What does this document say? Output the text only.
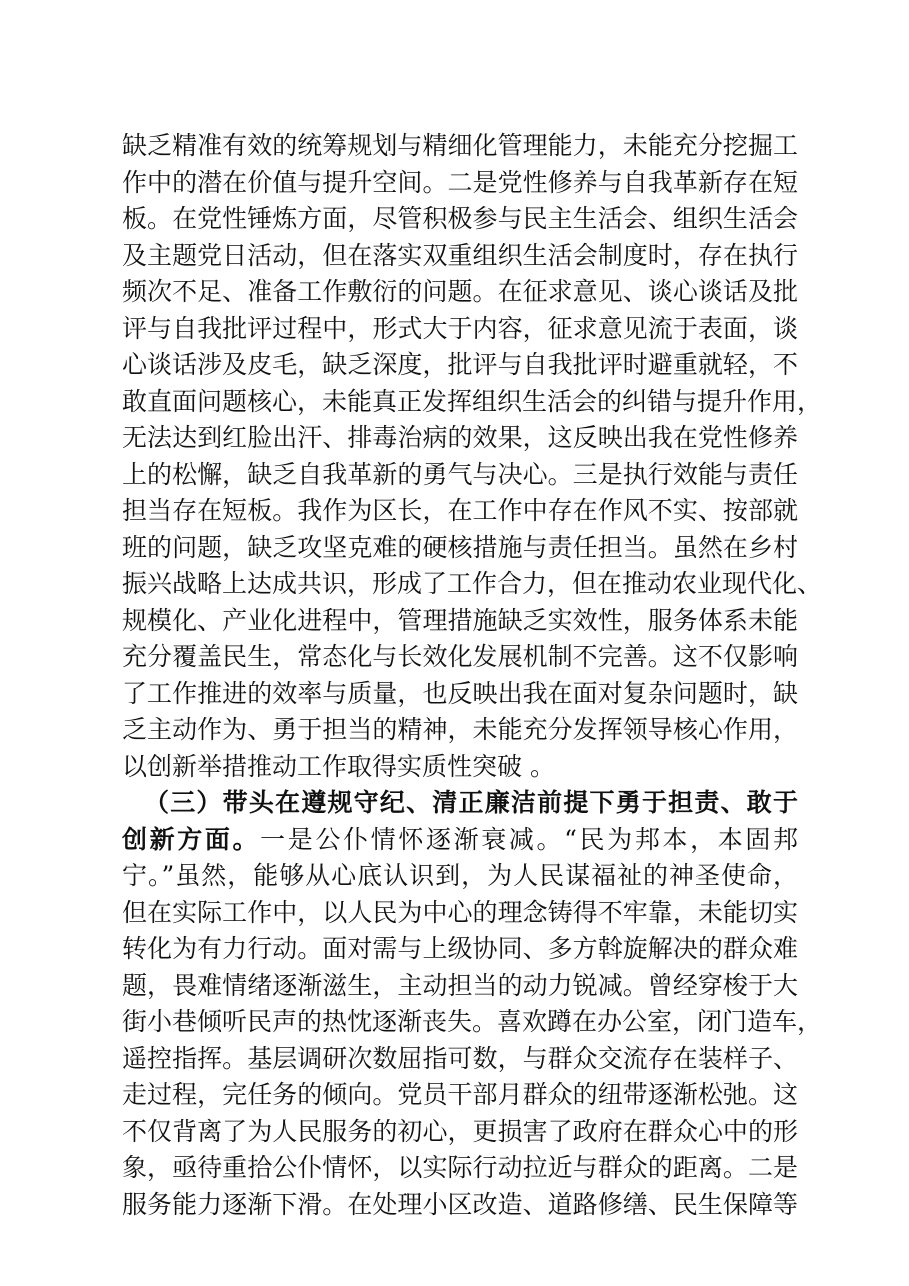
缺乏精准有效的统筹规划与精细化管理能力，未能充分挖掘工
作中的潜在价值与提升空间。二是党性修养与自我革新存在短
板。在党性锤炼方面，尽管积极参与民主生活会、组织生活会
及主题党日活动，但在落实双重组织生活会制度时，存在执行
频次不足、准备工作敷衍的问题。在征求意见、谈心谈话及批
评与自我批评过程中，形式大于内容，征求意见流于表面，谈
心谈话涉及皮毛，缺乏深度，批评与自我批评时避重就轻，不
敢直面问题核心，未能真正发挥组织生活会的纠错与提升作用，
无法达到红脸出汗、排毒治病的效果，这反映出我在党性修养
上的松懈，缺乏自我革新的勇气与决心。三是执行效能与责任
担当存在短板。我作为区长，在工作中存在作风不实、按部就
班的问题，缺乏攻坚克难的硬核措施与责任担当。虽然在乡村
振兴战略上达成共识，形成了工作合力，但在推动农业现代化、
规模化、产业化进程中，管理措施缺乏实效性，服务体系未能
充分覆盖民生，常态化与长效化发展机制不完善。这不仅影响
了工作推进的效率与质量，也反映出我在面对复杂问题时，缺
乏主动作为、勇于担当的精神，未能充分发挥领导核心作用，
以创新举措推动工作取得实质性突破 。
（三）带头在遵规守纪、清正廉洁前提下勇于担责、敢于
创新方面。一是公仆情怀逐渐衰减。“民为邦本，本固邦
宁。”虽然，能够从心底认识到，为人民谋福祉的神圣使命，
但在实际工作中，以人民为中心的理念铸得不牢靠，未能切实
转化为有力行动。面对需与上级协同、多方斡旋解决的群众难
题，畏难情绪逐渐滋生，主动担当的动力锐减。曾经穿梭于大
街小巷倾听民声的热忱逐渐丧失。喜欢蹲在办公室，闭门造车，
遥控指挥。基层调研次数屈指可数，与群众交流存在装样子、
走过程，完任务的倾向。党员干部月群众的纽带逐渐松弛。这
不仅背离了为人民服务的初心，更损害了政府在群众心中的形
象，亟待重拾公仆情怀，以实际行动拉近与群众的距离。二是
服务能力逐渐下滑。在处理小区改造、道路修缮、民生保障等
